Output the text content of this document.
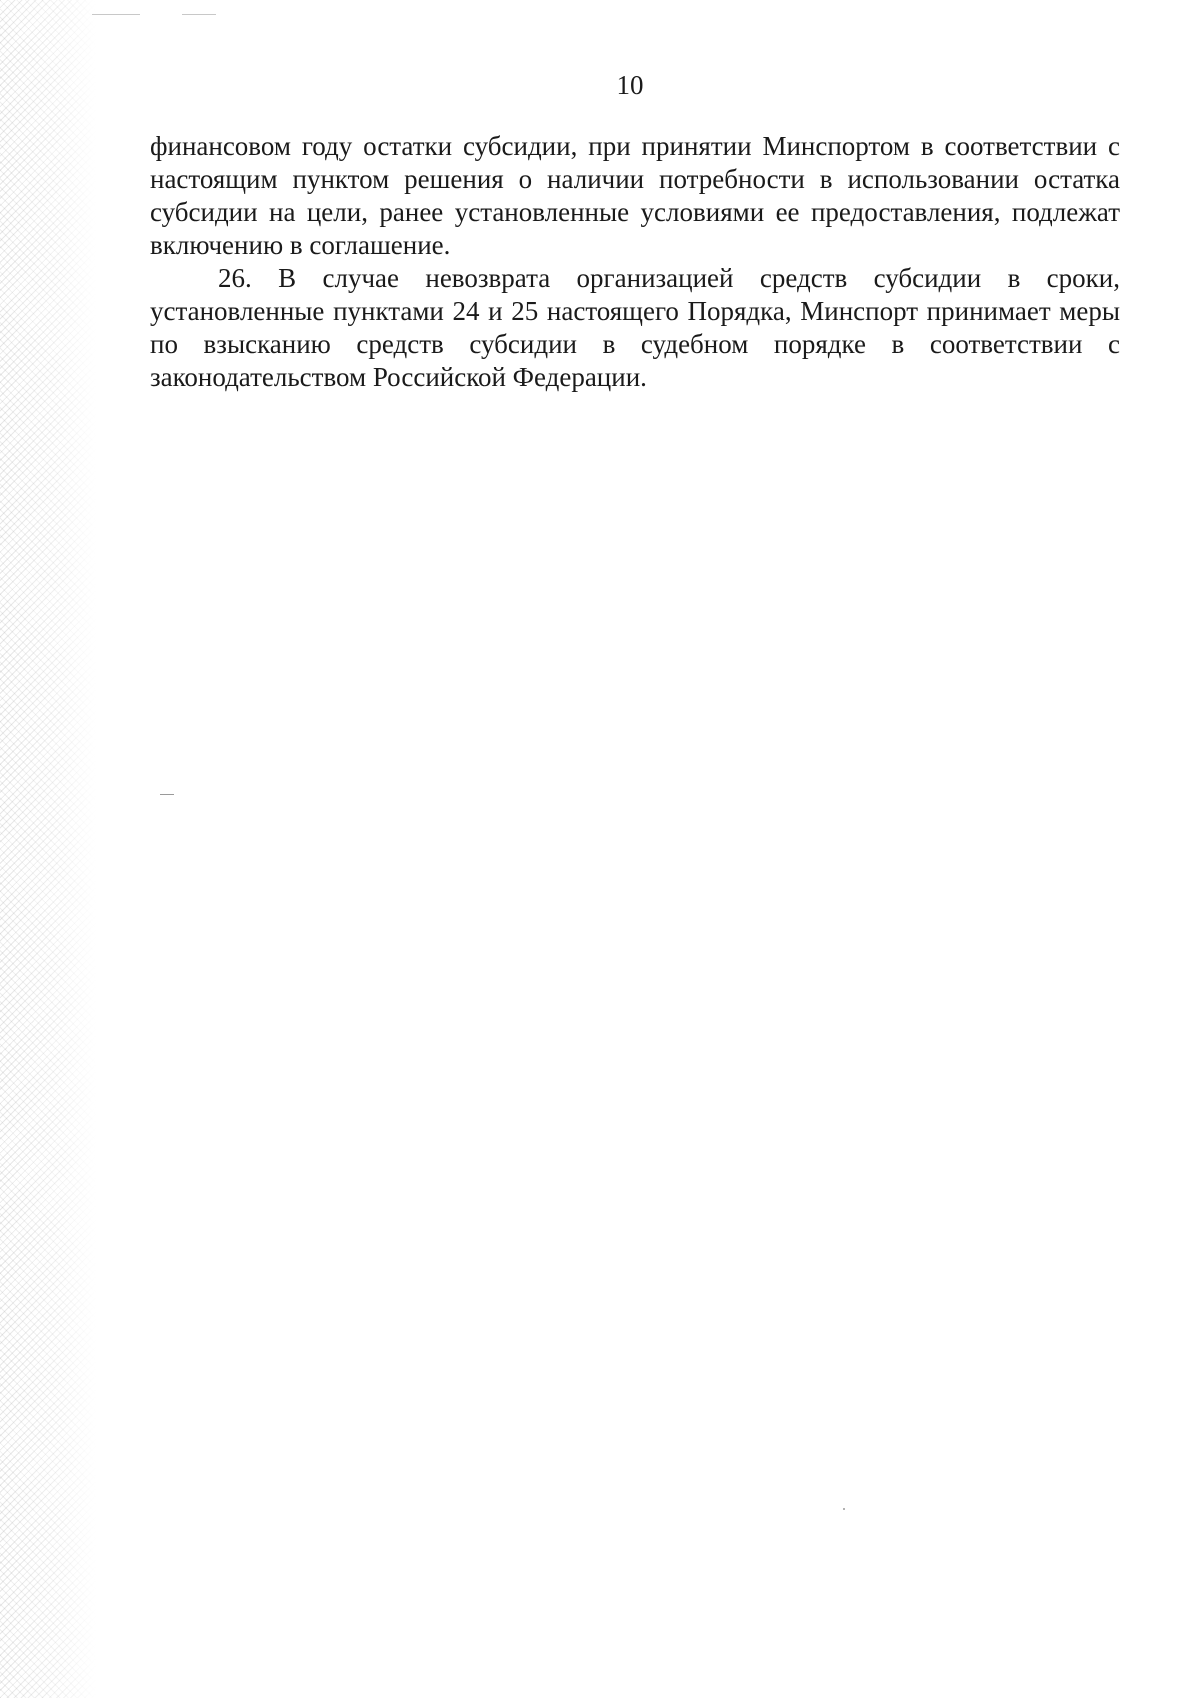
10

финансовом году остатки субсидии, при принятии Минспортом в соответствии с настоящим пунктом решения о наличии потребности в использовании остатка субсидии на цели, ранее установленные условиями ее предоставления, подлежат включению в соглашение.

26. В случае невозврата организацией средств субсидии в сроки, установленные пунктами 24 и 25 настоящего Порядка, Минспорт принимает меры по взысканию средств субсидии в судебном порядке в соответствии с законодательством Российской Федерации.
